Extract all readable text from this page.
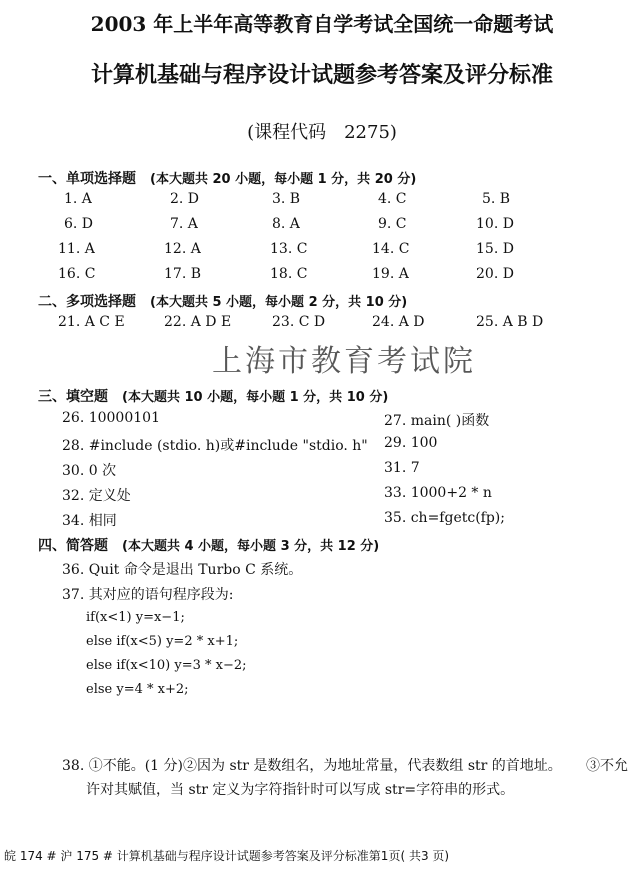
2003 年上半年高等教育自学考试全国统一命题考试
计算机基础与程序设计试题参考答案及评分标准
(课程代码　2275)
一、单项选择题 (本大题共 20 小题，每小题 1 分，共 20 分)
1. A	2. D	3. B	4. C	5. B
6. D	7. A	8. A	9. C	10. D
11. A	12. A	13. C	14. C	15. D
16. C	17. B	18. C	19. A	20. D
二、多项选择题 (本大题共 5 小题，每小题 2 分，共 10 分)
21. A C E	22. A D E	23. C D	24. A D	25. A B D
上海市教育考试院
三、填空题 (本大题共 10 小题，每小题 1 分，共 10 分)
26. 10000101	27. main( )函数
28. #include (stdio. h)或#include "stdio. h" 29. 100
30. 0 次	31. 7
32. 定义处	33. 1000+2 * n
34. 相同	35. ch=fgetc(fp);
四、简答题 (本大题共 4 小题，每小题 3 分，共 12 分)
36. Quit 命令是退出 Turbo C 系统。
37. 其对应的语句程序段为:
if(x<1) y=x−1;
else if(x<5) y=2 * x+1;
else if(x<10) y=3 * x−2;
else y=4 * x+2;
38. ①不能。(1 分)②因为 str 是数组名，为地址常量，代表数组 str 的首地址。 ③不允
许对其赋值，当 str 定义为字符指针时可以写成 str=字符串的形式。
皖 174 # 沪 175 # 计算机基础与程序设计试题参考答案及评分标准第1页( 共3 页)
